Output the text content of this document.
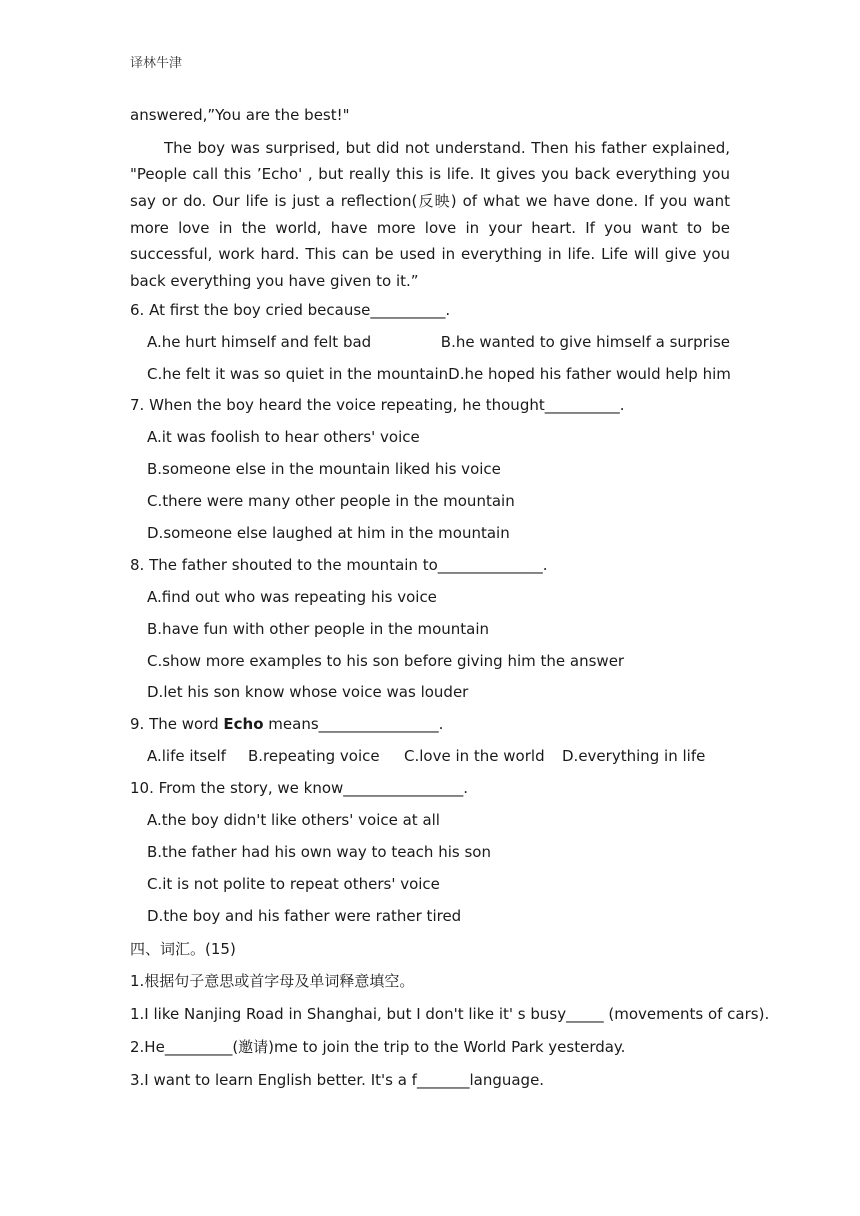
译林牛津
answered,”You are the best!"

The boy was surprised, but did not understand. Then his father explained, "People call this ’Echo' , but really this is life. It gives you back everything you say or do. Our life is just a reflection(反映) of what we have done. If you want more love in the world, have more love in your heart. If you want to be successful, work hard. This can be used in everything in life. Life will give you back everything you have given to it.”

6. At first the boy cried because__________.
A.he hurt himself and felt bad	B.he wanted to give himself a surprise
C.he felt it was so quiet in the mountain D.he hoped his father would help him
7. When the boy heard the voice repeating, he thought__________.
A.it was foolish to hear others' voice
B.someone else in the mountain liked his voice
C.there were many other people in the mountain
D.someone else laughed at him in the mountain
8. The father shouted to the mountain to______________.
A.find out who was repeating his voice
B.have fun with other people in the mountain
C.show more examples to his son before giving him the answer
D.let his son know whose voice was louder
9. The word Echo means________________.
A.life itself	B.repeating voice	C.love in the world	D.everything in life
10. From the story, we know________________.
A.the boy didn't like others' voice at all
B.the father had his own way to teach his son
C.it is not polite to repeat others' voice
D.the boy and his father were rather tired
四、词汇。(15)
1.根据句子意思或首字母及单词释意填空。
1.I like Nanjing Road in Shanghai, but I don't like it' s busy_____ (movements of cars).
2.He_________(邀请)me to join the trip to the World Park yesterday.
3.I want to learn English better. It's a f_______language.
